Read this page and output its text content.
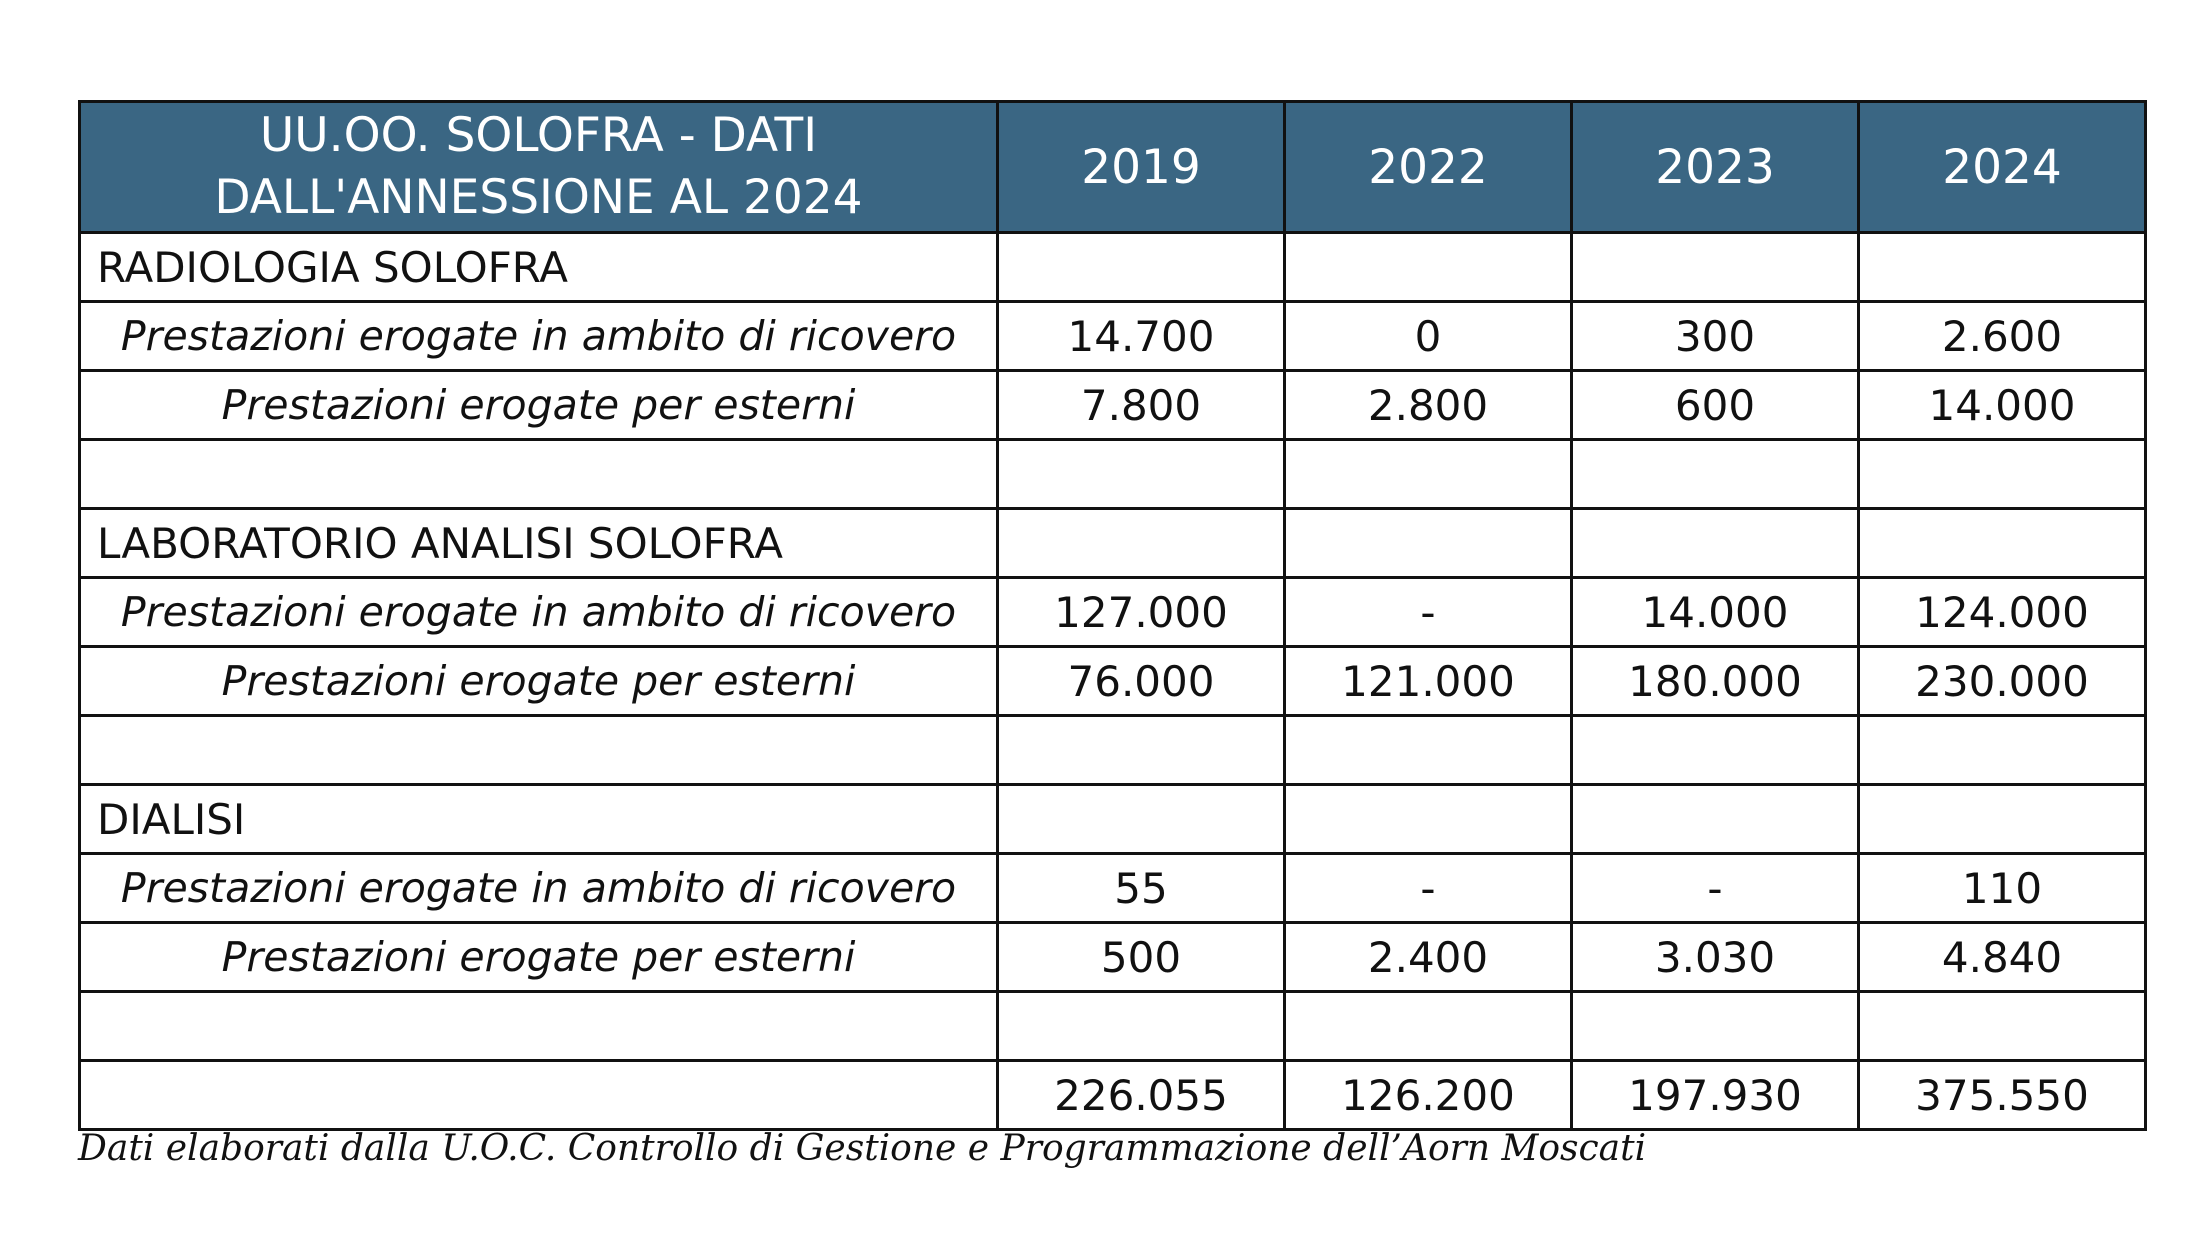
UU.OO. SOLOFRA - DATI DALL'ANNESSIONE AL 2024	2019	2022	2023	2024
RADIOLOGIA SOLOFRA				
Prestazioni erogate in ambito di ricovero	14.700	0	300	2.600
Prestazioni erogate per esterni	7.800	2.800	600	14.000

LABORATORIO ANALISI SOLOFRA				
Prestazioni erogate in ambito di ricovero	127.000	-	14.000	124.000
Prestazioni erogate per esterni	76.000	121.000	180.000	230.000

DIALISI				
Prestazioni erogate in ambito di ricovero	55	-	-	110
Prestazioni erogate per esterni	500	2.400	3.030	4.840

	226.055	126.200	197.930	375.550
Dati elaborati dalla U.O.C. Controllo di Gestione e Programmazione dell’Aorn Moscati
